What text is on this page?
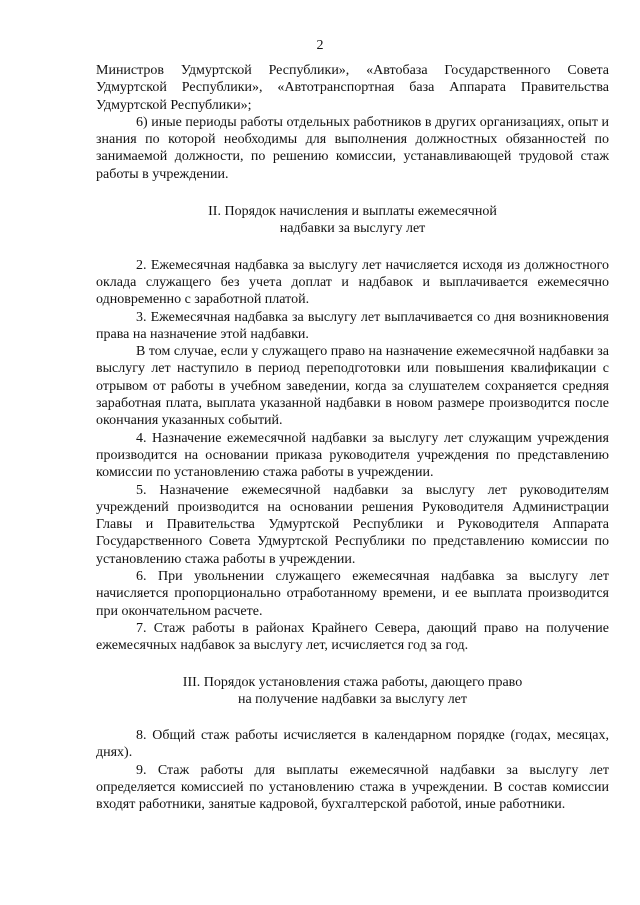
2

Министров Удмуртской Республики», «Автобаза Государственного Совета Удмуртской Республики», «Автотранспортная база Аппарата Правительства Удмуртской Республики»;

6) иные периоды работы отдельных работников в других организациях, опыт и знания по которой необходимы для выполнения должностных обязанностей по занимаемой должности, по решению комиссии, устанавливающей трудовой стаж работы в учреждении.

II. Порядок начисления и выплаты ежемесячной
надбавки за выслугу лет

2. Ежемесячная надбавка за выслугу лет начисляется исходя из должностного оклада служащего без учета доплат и надбавок и выплачивается ежемесячно одновременно с заработной платой.

3. Ежемесячная надбавка за выслугу лет выплачивается со дня возникновения права на назначение этой надбавки.

В том случае, если у служащего право на назначение ежемесячной надбавки за выслугу лет наступило в период переподготовки или повышения квалификации с отрывом от работы в учебном заведении, когда за слушателем сохраняется средняя заработная плата, выплата указанной надбавки в новом размере производится после окончания указанных событий.

4. Назначение ежемесячной надбавки за выслугу лет служащим учреждения производится на основании приказа руководителя учреждения по представлению комиссии по установлению стажа работы в учреждении.

5. Назначение ежемесячной надбавки за выслугу лет руководителям учреждений производится на основании решения Руководителя Администрации Главы и Правительства Удмуртской Республики и Руководителя Аппарата Государственного Совета Удмуртской Республики по представлению комиссии по установлению стажа работы в учреждении.

6. При увольнении служащего ежемесячная надбавка за выслугу лет начисляется пропорционально отработанному времени, и ее выплата производится при окончательном расчете.

7. Стаж работы в районах Крайнего Севера, дающий право на получение ежемесячных надбавок за выслугу лет, исчисляется год за год.

III. Порядок установления стажа работы, дающего право
на получение надбавки за выслугу лет

8. Общий стаж работы исчисляется в календарном порядке (годах, месяцах, днях).

9. Стаж работы для выплаты ежемесячной надбавки за выслугу лет определяется комиссией по установлению стажа в учреждении. В состав комиссии входят работники, занятые кадровой, бухгалтерской работой, иные работники.
